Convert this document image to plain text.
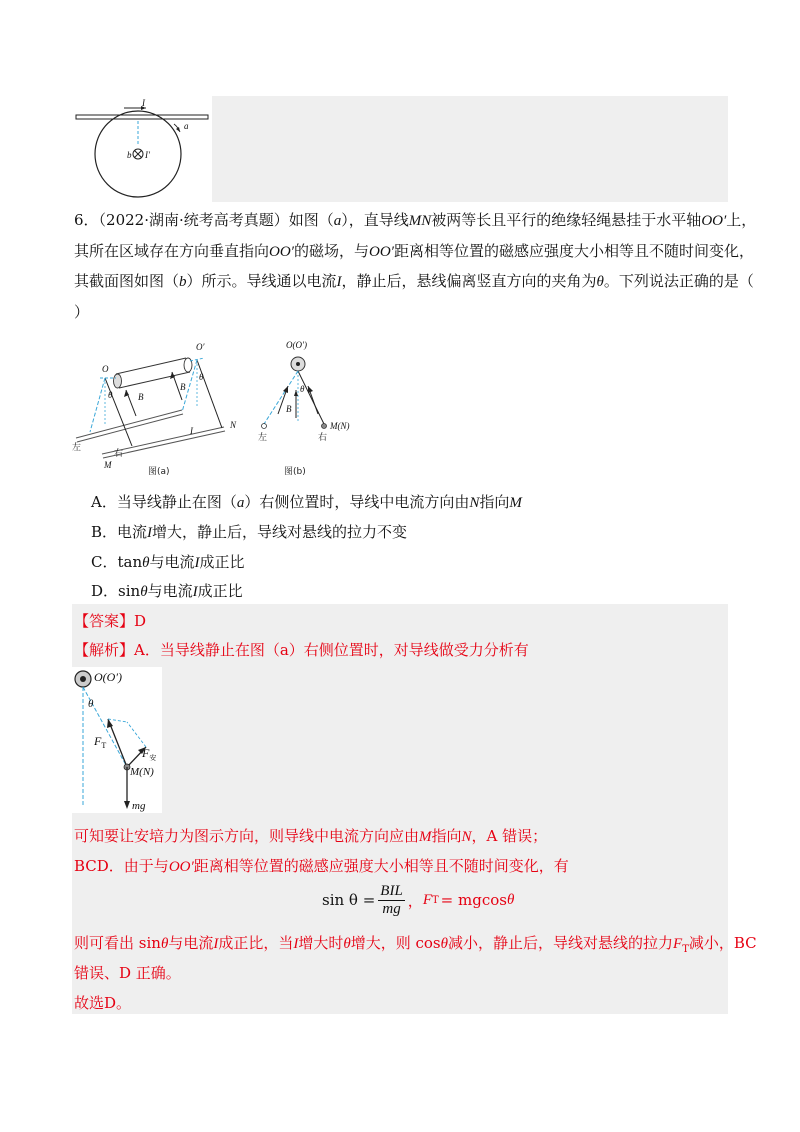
I
a
b I′
6．（2022·湖南·统考高考真题）如图（a），直导线MN被两等长且平行的绝缘轻绳悬挂于水平轴OO′上，
其所在区域存在方向垂直指向OO′的磁场，与OO′距离相等位置的磁感应强度大小相等且不随时间变化，
其截面图如图（b）所示。导线通以电流I，静止后，悬线偏离竖直方向的夹角为θ。下列说法正确的是（
）
O
O′
θ
θ
B
B
I
N
M
左
右
图(a)
O(O′)
θ
B
左	右
M(N)
图(b)
A．当导线静止在图（a）右侧位置时，导线中电流方向由N指向M
B．电流I增大，静止后，导线对悬线的拉力不变
C．tanθ与电流I成正比
D．sinθ与电流I成正比
【答案】D
【解析】A．当导线静止在图（a）右侧位置时，对导线做受力分析有
O(O′)
θ
$F_T$
$F_安$
M(N)
mg
可知要让安培力为图示方向，则导线中电流方向应由M指向N，A 错误；
BCD．由于与OO′距离相等位置的磁感应强度大小相等且不随时间变化，有
sin θ =
BIL
mg ， F T = mgcos θ
则可看出 sinθ与电流I成正比，当I增大时θ增大，则 cosθ减小，静止后，导线对悬线的拉力$F_T$减小，BC
错误、D 正确。
故选D。
